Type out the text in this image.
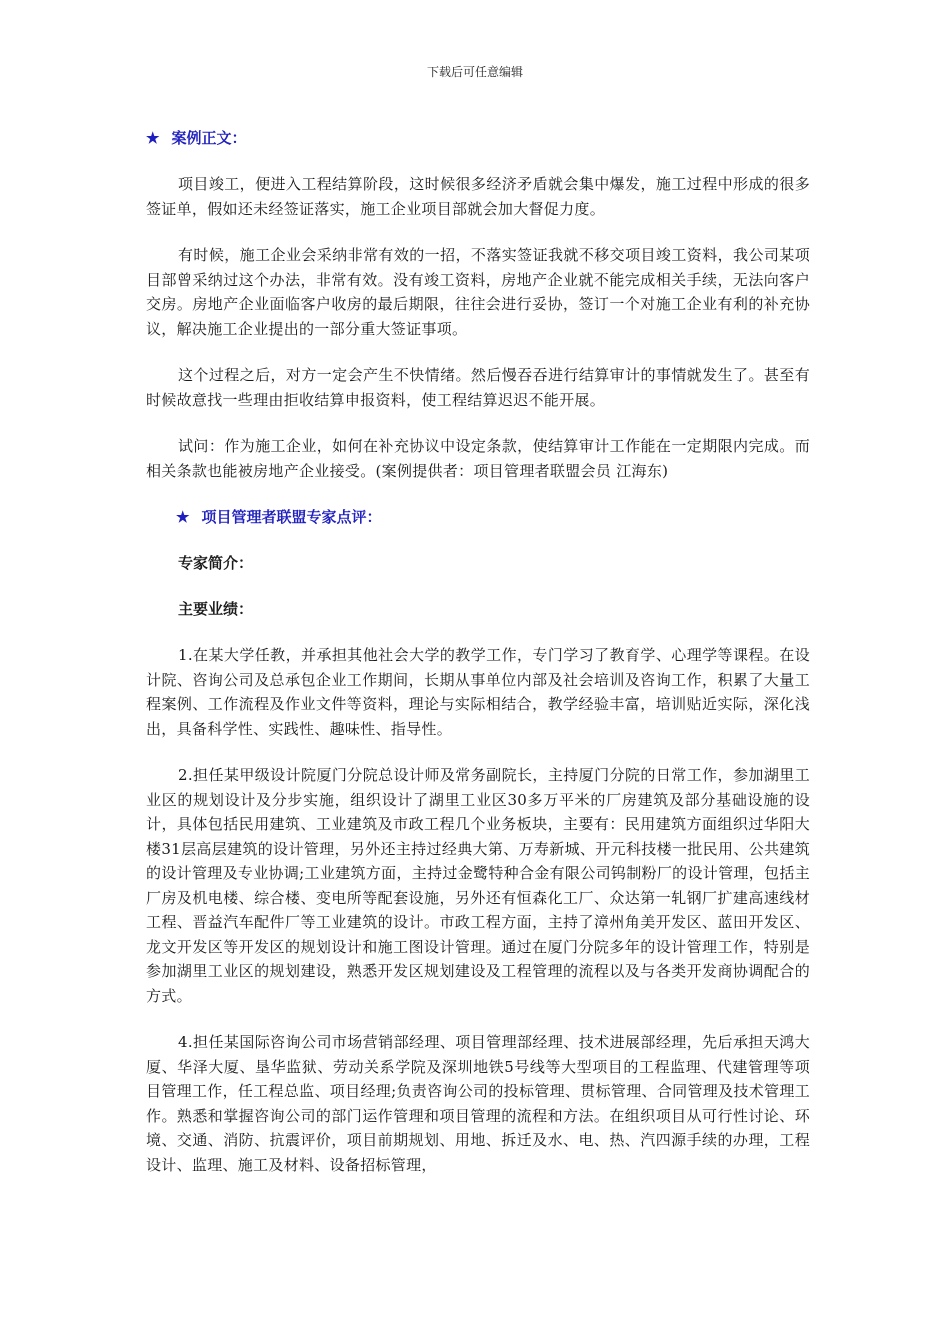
下载后可任意编辑
★ 案例正文：

项目竣工，便进入工程结算阶段，这时候很多经济矛盾就会集中爆发，施工过程中形成的很多签证单，假如还未经签证落实，施工企业项目部就会加大督促力度。

有时候，施工企业会采纳非常有效的一招，不落实签证我就不移交项目竣工资料，我公司某项目部曾采纳过这个办法，非常有效。没有竣工资料，房地产企业就不能完成相关手续，无法向客户交房。房地产企业面临客户收房的最后期限，往往会进行妥协，签订一个对施工企业有利的补充协议，解决施工企业提出的一部分重大签证事项。

这个过程之后，对方一定会产生不快情绪。然后慢吞吞进行结算审计的事情就发生了。甚至有时候故意找一些理由拒收结算申报资料，使工程结算迟迟不能开展。

试问：作为施工企业，如何在补充协议中设定条款，使结算审计工作能在一定期限内完成。而相关条款也能被房地产企业接受。(案例提供者：项目管理者联盟会员 江海东)

★ 项目管理者联盟专家点评：
专家简介：
主要业绩：

1.在某大学任教，并承担其他社会大学的教学工作，专门学习了教育学、心理学等课程。在设计院、咨询公司及总承包企业工作期间，长期从事单位内部及社会培训及咨询工作，积累了大量工程案例、工作流程及作业文件等资料，理论与实际相结合，教学经验丰富，培训贴近实际，深化浅出，具备科学性、实践性、趣味性、指导性。

2.担任某甲级设计院厦门分院总设计师及常务副院长，主持厦门分院的日常工作，参加湖里工业区的规划设计及分步实施，组织设计了湖里工业区30多万平米的厂房建筑及部分基础设施的设计，具体包括民用建筑、工业建筑及市政工程几个业务板块，主要有：民用建筑方面组织过华阳大楼31层高层建筑的设计管理，另外还主持过经典大第、万寿新城、开元科技楼一批民用、公共建筑的设计管理及专业协调;工业建筑方面，主持过金鹭特种合金有限公司钨制粉厂的设计管理，包括主厂房及机电楼、综合楼、变电所等配套设施，另外还有恒森化工厂、众达第一轧钢厂扩建高速线材工程、晋益汽车配件厂等工业建筑的设计。市政工程方面，主持了漳州角美开发区、蓝田开发区、龙文开发区等开发区的规划设计和施工图设计管理。通过在厦门分院多年的设计管理工作，特别是参加湖里工业区的规划建设，熟悉开发区规划建设及工程管理的流程以及与各类开发商协调配合的方式。

4.担任某国际咨询公司市场营销部经理、项目管理部经理、技术进展部经理，先后承担天鸿大厦、华泽大厦、垦华监狱、劳动关系学院及深圳地铁5号线等大型项目的工程监理、代建管理等项目管理工作，任工程总监、项目经理;负责咨询公司的投标管理、贯标管理、合同管理及技术管理工作。熟悉和掌握咨询公司的部门运作管理和项目管理的流程和方法。在组织项目从可行性讨论、环境、交通、消防、抗震评价，项目前期规划、用地、拆迁及水、电、热、汽四源手续的办理，工程设计、监理、施工及材料、设备招标管理，
